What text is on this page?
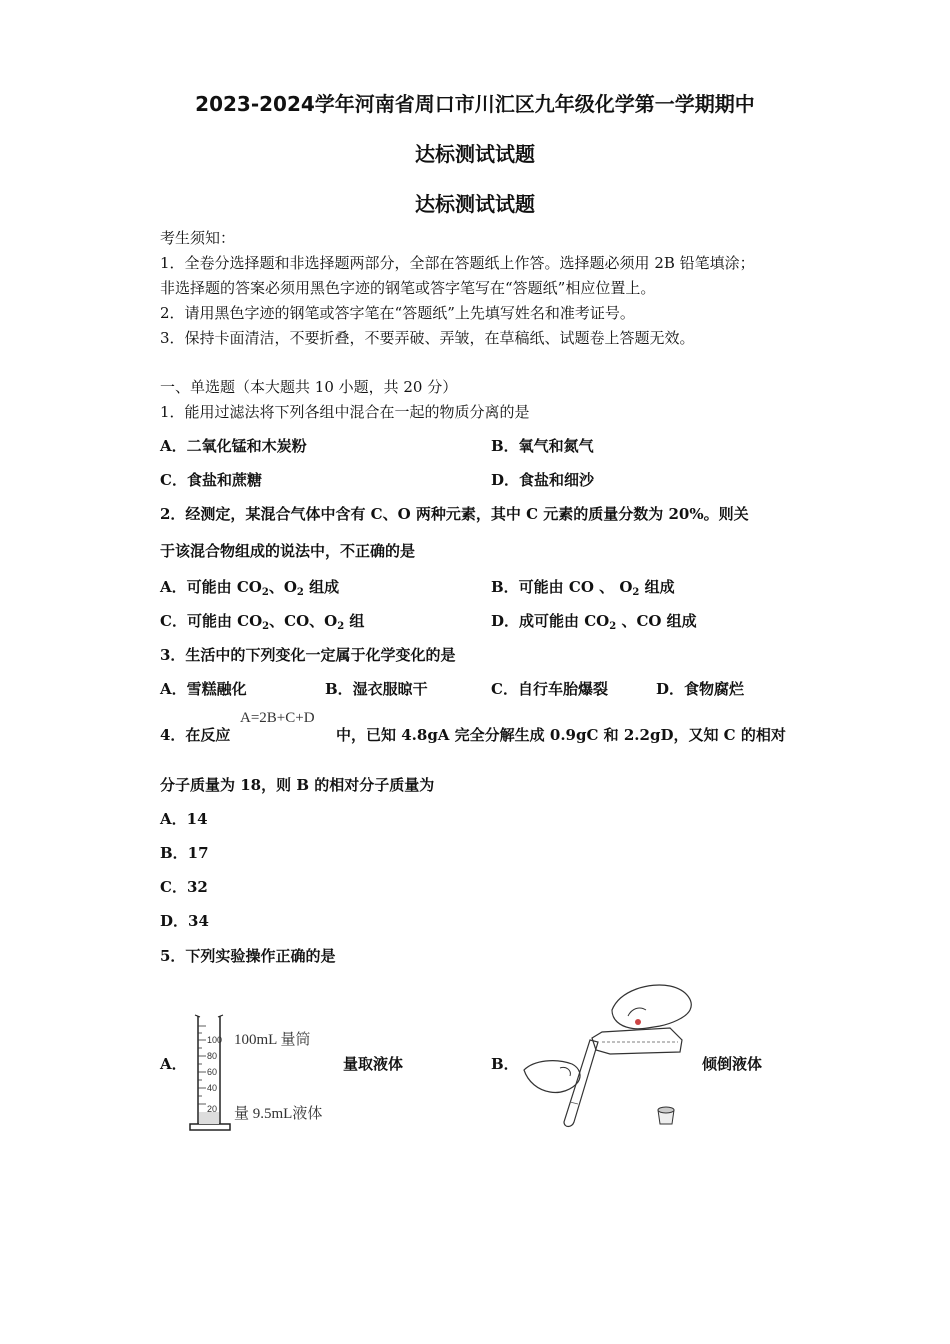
2023-2024学年河南省周口市川汇区九年级化学第一学期期中
达标测试试题
达标测试试题
考生须知：
1．全卷分选择题和非选择题两部分，全部在答题纸上作答。选择题必须用 2B 铅笔填涂；
非选择题的答案必须用黑色字迹的钢笔或答字笔写在“答题纸”相应位置上。
2．请用黑色字迹的钢笔或答字笔在“答题纸”上先填写姓名和准考证号。
3．保持卡面清洁，不要折叠，不要弄破、弄皱，在草稿纸、试题卷上答题无效。
一、单选题（本大题共 10 小题，共 20 分）
1．能用过滤法将下列各组中混合在一起的物质分离的是
A．二氧化锰和木炭粉	B．氧气和氮气
C．食盐和蔗糖	D．食盐和细沙
2．经测定，某混合气体中含有 C、O 两种元素，其中 C 元素的质量分数为 20%。则关
于该混合物组成的说法中，不正确的是
A．可能由 $CO_2$、$O_2$ 组成	B．可能由 CO 、 $O_2$ 组成
C．可能由 $CO_2$、CO、$O_2$ 组	D．成可能由 $CO_2$ 、CO 组成
3．生活中的下列变化一定属于化学变化的是
A．雪糕融化	B．湿衣服晾干	C．自行车胎爆裂	D．食物腐烂
4．在反应
A=2B+C+D
中，已知 4.8gA 完全分解生成 0.9gC 和 2.2gD，又知 C 的相对
分子质量为 18，则 B 的相对分子质量为
A．14
B．17
C．32
D．34
5．下列实验操作正确的是
A．
100
80
60
40
20
100mL 量筒
量 9.5mL液体
量取液体	B．	倾倒液体
